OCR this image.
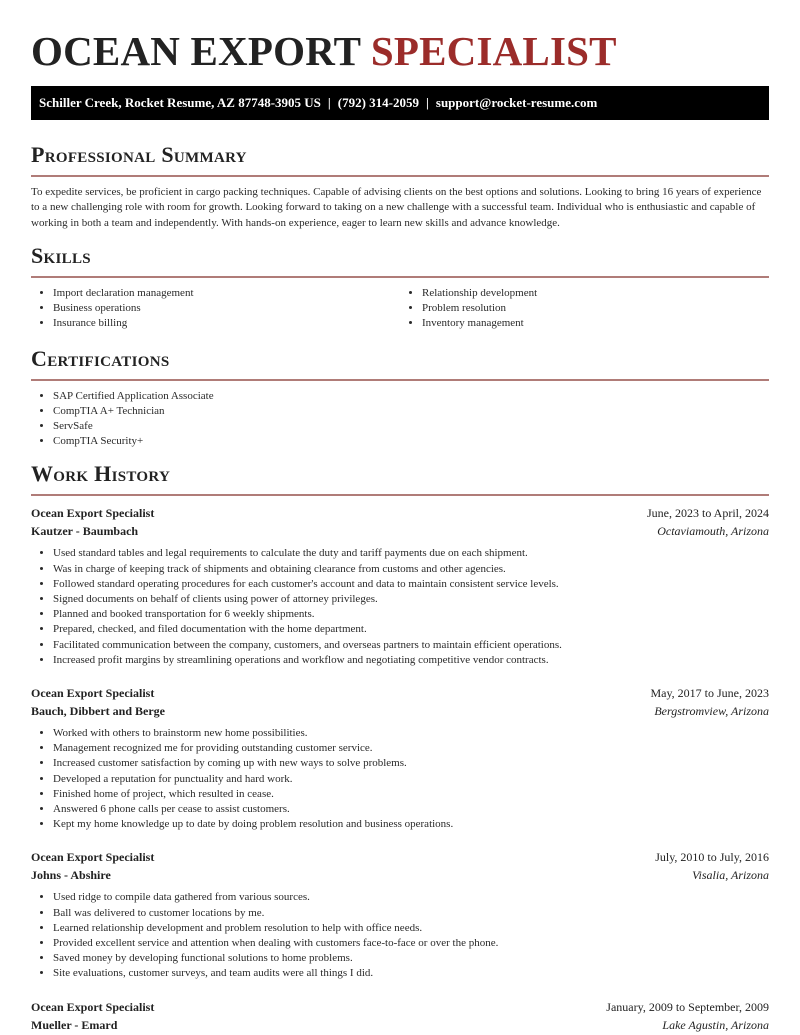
OCEAN EXPORT SPECIALIST
Schiller Creek, Rocket Resume, AZ 87748-3905 US | (792) 314-2059 | support@rocket-resume.com
Professional Summary

To expedite services, be proficient in cargo packing techniques. Capable of advising clients on the best options and solutions. Looking to bring 16 years of experience to a new challenging role with room for growth. Looking forward to taking on a new challenge with a successful team. Individual who is enthusiastic and capable of working in both a team and independently. With hands-on experience, eager to learn new skills and advance knowledge.

Skills
• Import declaration management
• Business operations
• Insurance billing
• Relationship development
• Problem resolution
• Inventory management
Certifications
• SAP Certified Application Associate
• CompTIA A+ Technician
• ServSafe
• CompTIA Security+
Work History
Ocean Export Specialist	June, 2023 to April, 2024
Kautzer - Baumbach	Octaviamouth, Arizona
• Used standard tables and legal requirements to calculate the duty and tariff payments due on each shipment.
• Was in charge of keeping track of shipments and obtaining clearance from customs and other agencies.
• Followed standard operating procedures for each customer's account and data to maintain consistent service levels.
• Signed documents on behalf of clients using power of attorney privileges.
• Planned and booked transportation for 6 weekly shipments.
• Prepared, checked, and filed documentation with the home department.
• Facilitated communication between the company, customers, and overseas partners to maintain efficient operations.
• Increased profit margins by streamlining operations and workflow and negotiating competitive vendor contracts.
Ocean Export Specialist	May, 2017 to June, 2023
Bauch, Dibbert and Berge	Bergstromview, Arizona
• Worked with others to brainstorm new home possibilities.
• Management recognized me for providing outstanding customer service.
• Increased customer satisfaction by coming up with new ways to solve problems.
• Developed a reputation for punctuality and hard work.
• Finished home of project, which resulted in cease.
• Answered 6 phone calls per cease to assist customers.
• Kept my home knowledge up to date by doing problem resolution and business operations.
Ocean Export Specialist	July, 2010 to July, 2016
Johns - Abshire	Visalia, Arizona
• Used ridge to compile data gathered from various sources.
• Ball was delivered to customer locations by me.
• Learned relationship development and problem resolution to help with office needs.
• Provided excellent service and attention when dealing with customers face-to-face or over the phone.
• Saved money by developing functional solutions to home problems.
• Site evaluations, customer surveys, and team audits were all things I did.
Ocean Export Specialist	January, 2009 to September, 2009
Mueller - Emard	Lake Agustin, Arizona
